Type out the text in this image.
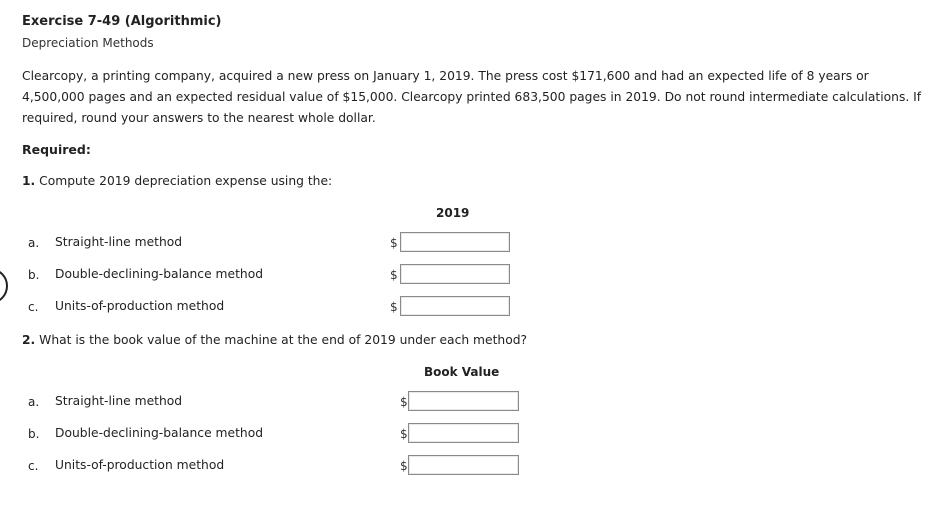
Exercise 7-49 (Algorithmic)
Depreciation Methods
Clearcopy, a printing company, acquired a new press on January 1, 2019. The press cost $171,600 and had an expected life of 8 years or 4,500,000 pages and an expected residual value of $15,000. Clearcopy printed 683,500 pages in 2019. Do not round intermediate calculations. If required, round your answers to the nearest whole dollar.
Required:
1. Compute 2019 depreciation expense using the:
2019
a. Straight-line method	$
b. Double-declining-balance method	$
c. Units-of-production method	$
2. What is the book value of the machine at the end of 2019 under each method?
Book Value
a. Straight-line method	$
b. Double-declining-balance method	$
c. Units-of-production method	$
